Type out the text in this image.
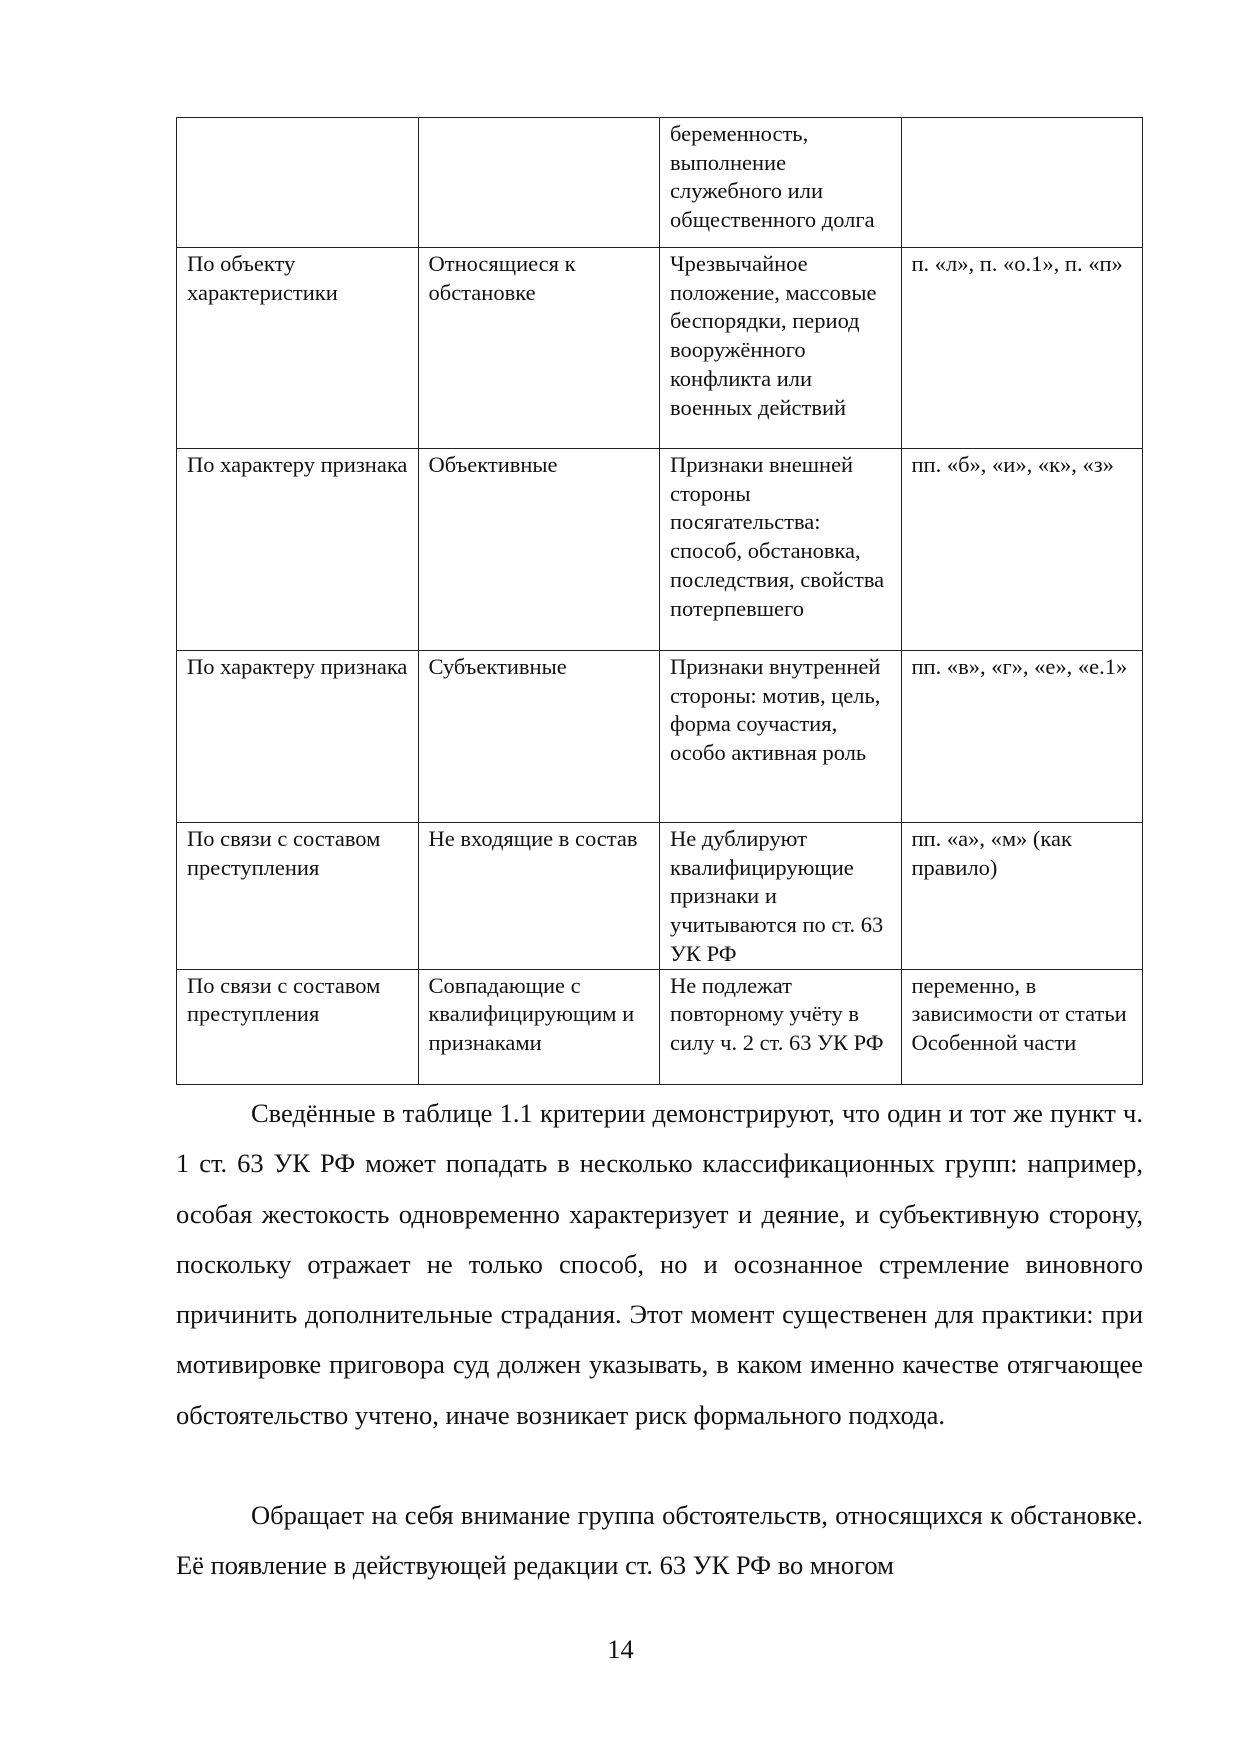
		беременность, выполнение служебного или общественного долга	
По объекту характеристики	Относящиеся к обстановке	Чрезвычайное положение, массовые беспорядки, период вооружённого конфликта или военных действий	п. «л», п. «о.1», п. «п»
По характеру признака	Объективные	Признаки внешней стороны посягательства: способ, обстановка, последствия, свойства потерпевшего	пп. «б», «и», «к», «з»
По характеру признака	Субъективные	Признаки внутренней стороны: мотив, цель, форма соучастия, особо активная роль	пп. «в», «г», «е», «е.1»
По связи с составом преступления	Не входящие в состав	Не дублируют квалифицирующие признаки и учитываются по ст. 63 УК РФ	пп. «а», «м» (как правило)
По связи с составом преступления	Совпадающие с квалифицирующим и признаками	Не подлежат повторному учёту в силу ч. 2 ст. 63 УК РФ	переменно, в зависимости от статьи Особенной части

Сведённые в таблице 1.1 критерии демонстрируют, что один и тот же пункт ч. 1 ст. 63 УК РФ может попадать в несколько классификационных групп: например, особая жестокость одновременно характеризует и деяние, и субъективную сторону, поскольку отражает не только способ, но и осознанное стремление виновного причинить дополнительные страдания. Этот момент существенен для практики: при мотивировке приговора суд должен указывать, в каком именно качестве отягчающее обстоятельство учтено, иначе возникает риск формального подхода.

Обращает на себя внимание группа обстоятельств, относящихся к обстановке. Её появление в действующей редакции ст. 63 УК РФ во многом

14
